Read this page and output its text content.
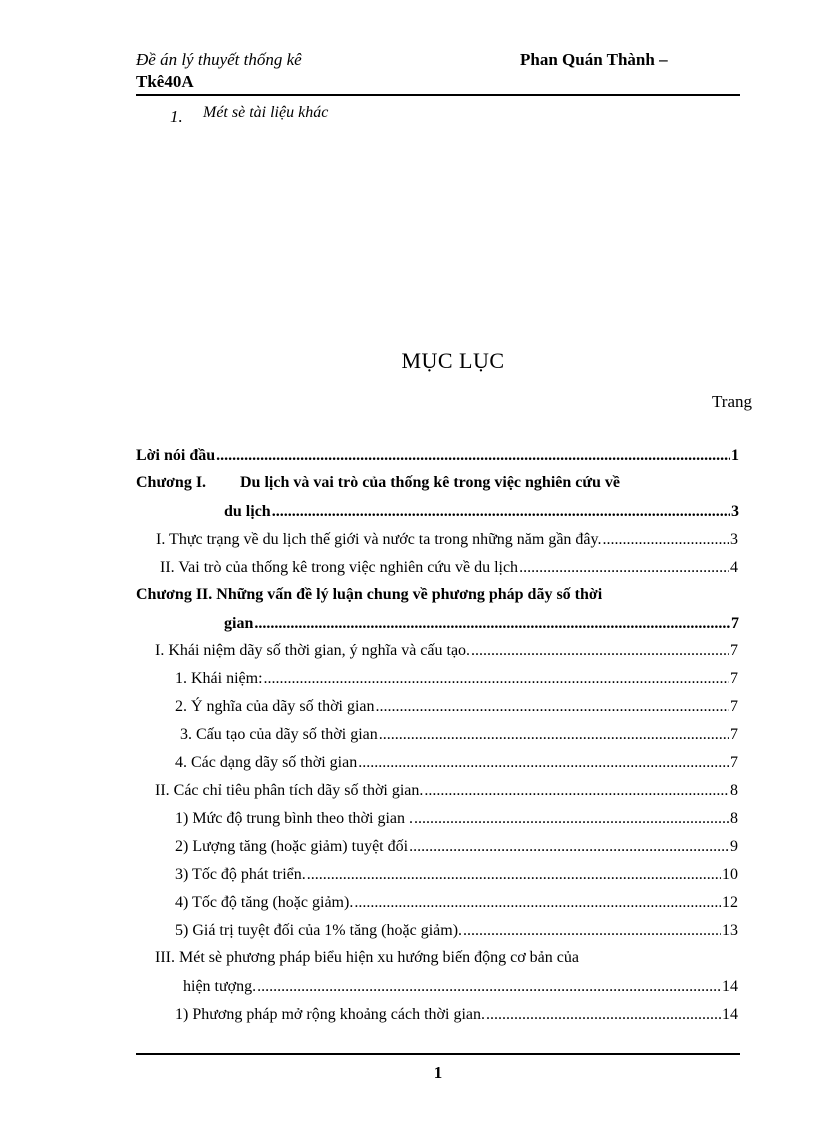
Đề án lý thuyết thống kê	Phan Quán Thành –
Tkê40A
1. Mét sè tài liệu khác
MỤC LỤC
Trang
Lời nói đầu .....	1
Chương I. Du lịch và vai trò của thống kê trong việc nghiên cứu về
du lịch .....	3
I. Thực trạng về du lịch thế giới và nước ta trong những năm gần đây. .....	3
II. Vai trò của thống kê trong việc nghiên cứu về du lịch .....	4
Chương II. Những vấn đề lý luận chung về phương pháp dãy số thời
gian .....	7
I. Khái niệm dãy số thời gian, ý nghĩa và cấu tạo. .....	7
1. Khái niệm: .....	7
2. Ý nghĩa của dãy số thời gian .....	7
3. Cấu tạo của dãy số thời gian .....	7
4. Các dạng dãy số thời gian .....	7
II. Các chỉ tiêu phân tích dãy số thời gian. .....	8
1) Mức độ trung bình theo thời gian . .....	8
2) Lượng tăng (hoặc giảm) tuyệt đối .....	9
3) Tốc độ phát triển. .....	10
4) Tốc độ tăng (hoặc giảm). .....	12
5) Giá trị tuyệt đối của 1% tăng (hoặc giảm). .....	13
III. Mét sè phương pháp biểu hiện xu hướng biến động cơ bản của
hiện tượng. .....	14
1) Phương pháp mở rộng khoảng cách thời gian. .....	14
1
